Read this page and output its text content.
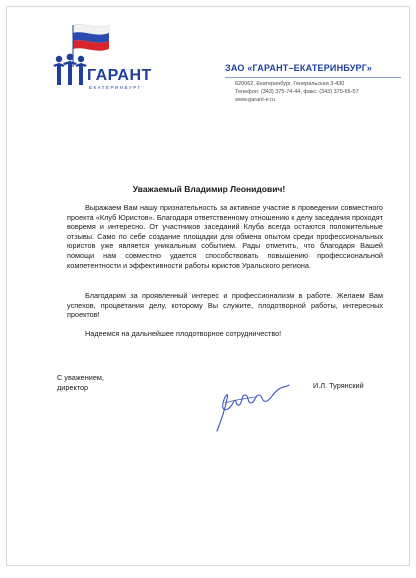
ГАРАНТ
ЕКАТЕРИНБУРГ
ЗАО «ГАРАНТ–ЕКАТЕРИНБУРГ»
620062, Екатеринбург, Генеральская 3-430
Телефон: (343) 375-74-44, факс: (343) 375-65-57
www.garant-e.ru
Уважаемый Владимир Леонидович!
Выражаем Вам нашу признательность за активное участие в проведении совместного проекта «Клуб Юристов». Благодаря ответственному отношению к делу заседания проходят вовремя и интересно. От участников заседаний Клуба всегда остаются положительные отзывы. Само по себе создание площадки для обмена опытом среди профессиональных юристов уже является уникальным событием. Рады отметить, что благодаря Вашей помощи нам совместно удается способствовать повышению профессиональной компетентности и эффективности работы юристов Уральского региона.
Благодарим за проявленный интерес и профессионализм в работе. Желаем Вам успехов, процветания делу, которому Вы служите, плодотворной работы, интересных проектов!
Надеемся на дальнейшее плодотворное сотрудничество!
С уважением,
директор	И.Л. Турянский
